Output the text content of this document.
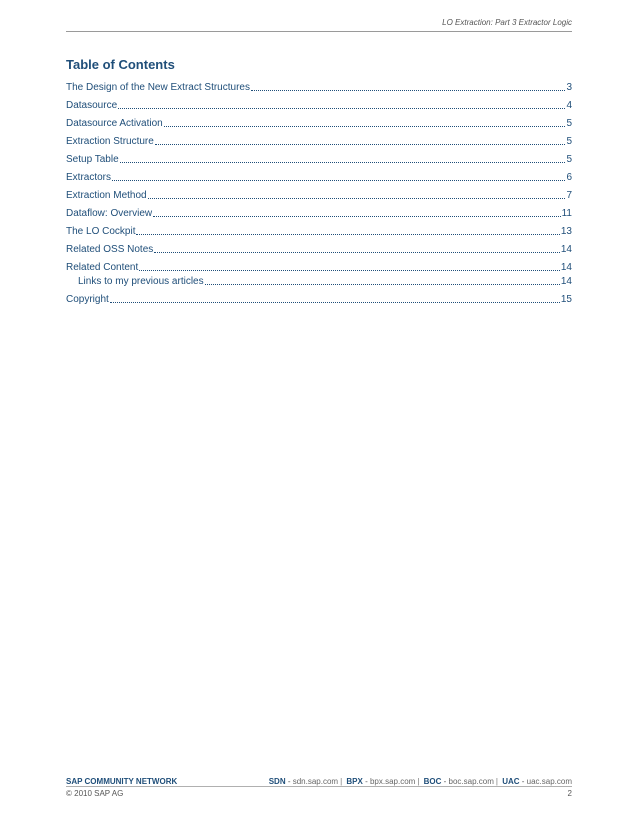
LO Extraction: Part 3 Extractor Logic
Table of Contents
The Design of the New Extract Structures	3
Datasource	4
Datasource Activation	5
Extraction Structure	5
Setup Table	5
Extractors	6
Extraction Method	7
Dataflow: Overview	11
The LO Cockpit	13
Related OSS Notes	14
Related Content	14
Links to my previous articles	14
Copyright	15
SAP COMMUNITY NETWORK	SDN - sdn.sap.com | BPX - bpx.sap.com | BOC - boc.sap.com | UAC - uac.sap.com
© 2010 SAP AG	2
